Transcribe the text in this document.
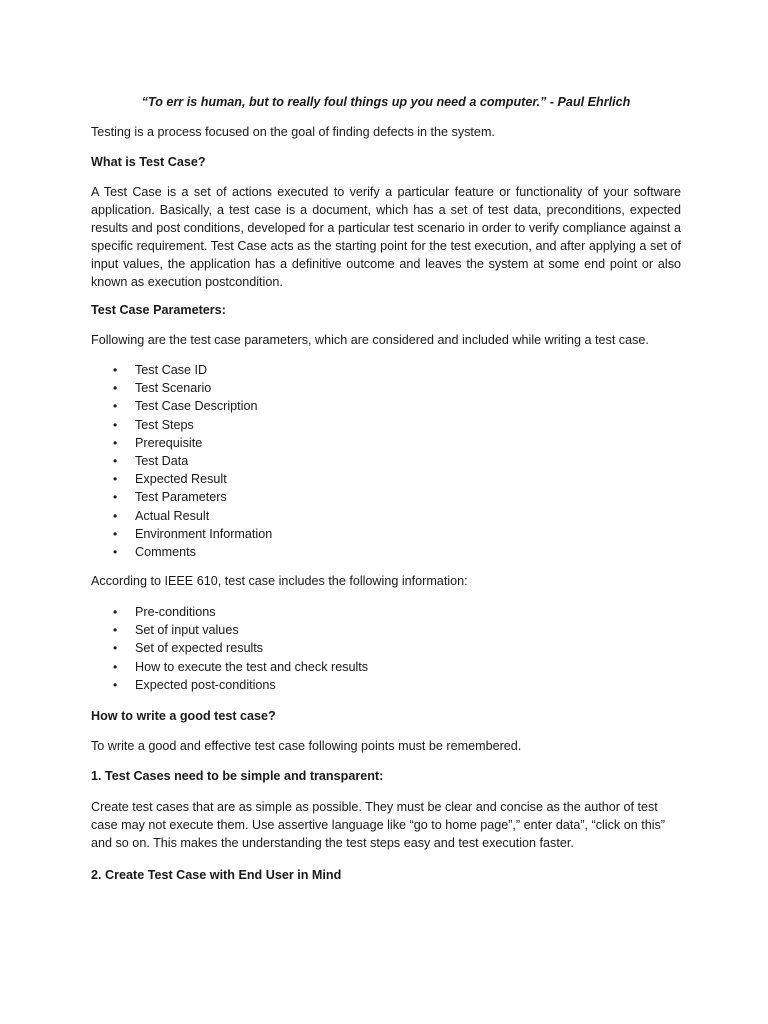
“To err is human, but to really foul things up you need a computer.” - Paul Ehrlich

Testing is a process focused on the goal of finding defects in the system.

What is Test Case?

A Test Case is a set of actions executed to verify a particular feature or functionality of your software application. Basically, a test case is a document, which has a set of test data, preconditions, expected results and post conditions, developed for a particular test scenario in order to verify compliance against a specific requirement. Test Case acts as the starting point for the test execution, and after applying a set of input values, the application has a definitive outcome and leaves the system at some end point or also known as execution postcondition.

Test Case Parameters:

Following are the test case parameters, which are considered and included while writing a test case.

•	Test Case ID
•	Test Scenario
•	Test Case Description
•	Test Steps
•	Prerequisite
•	Test Data
•	Expected Result
•	Test Parameters
•	Actual Result
•	Environment Information
•	Comments

According to IEEE 610, test case includes the following information:

•	Pre-conditions
•	Set of input values
•	Set of expected results
•	How to execute the test and check results
•	Expected post-conditions

How to write a good test case?

To write a good and effective test case following points must be remembered.

1. Test Cases need to be simple and transparent:

Create test cases that are as simple as possible. They must be clear and concise as the author of test
case may not execute them. Use assertive language like “go to home page”,” enter data”, “click on this”
and so on. This makes the understanding the test steps easy and test execution faster.

2. Create Test Case with End User in Mind
